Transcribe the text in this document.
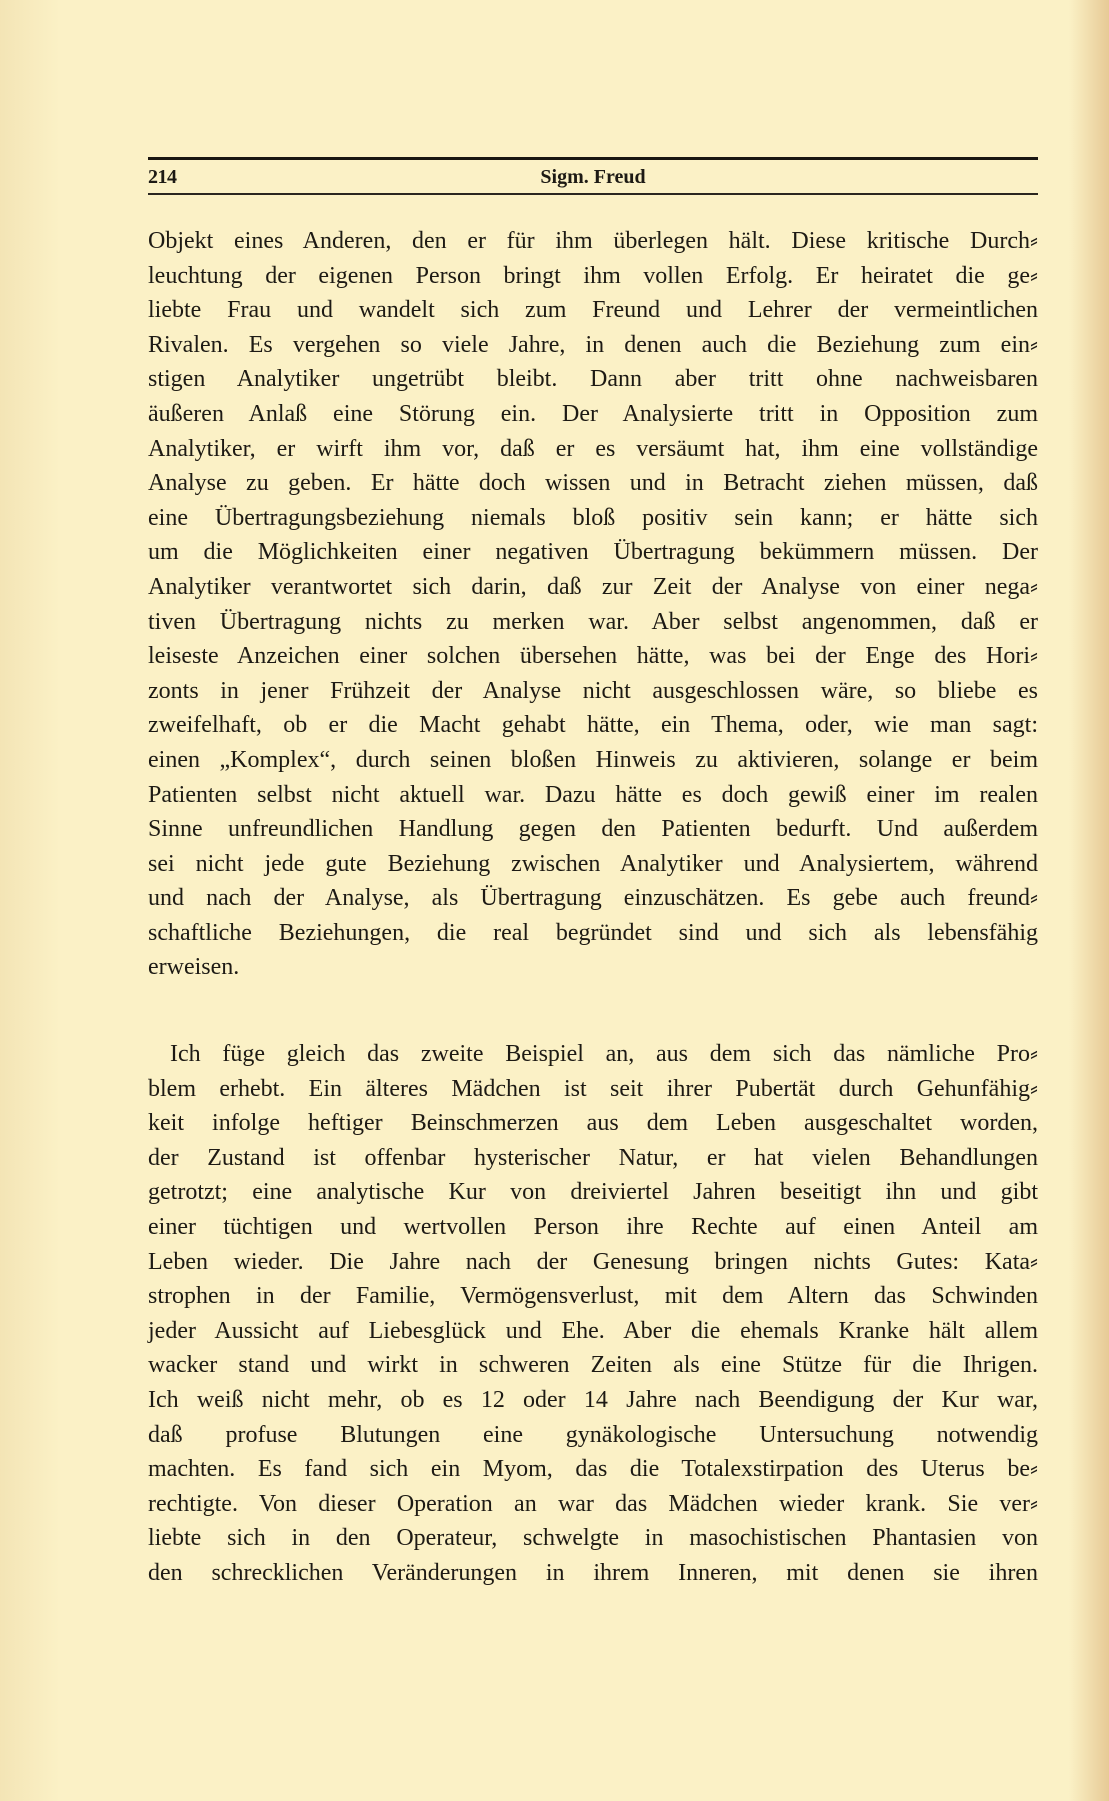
214	Sigm. Freud
Objekt eines Anderen, den er für ihm überlegen hält. Diese kritische Durch⸗
leuchtung der eigenen Person bringt ihm vollen Erfolg. Er heiratet die ge⸗
liebte Frau und wandelt sich zum Freund und Lehrer der vermeintlichen
Rivalen. Es vergehen so viele Jahre, in denen auch die Beziehung zum ein⸗
stigen Analytiker ungetrübt bleibt. Dann aber tritt ohne nachweisbaren
äußeren Anlaß eine Störung ein. Der Analysierte tritt in Opposition zum
Analytiker, er wirft ihm vor, daß er es versäumt hat, ihm eine vollständige
Analyse zu geben. Er hätte doch wissen und in Betracht ziehen müssen, daß
eine Übertragungsbeziehung niemals bloß positiv sein kann; er hätte sich
um die Möglichkeiten einer negativen Übertragung bekümmern müssen. Der
Analytiker verantwortet sich darin, daß zur Zeit der Analyse von einer nega⸗
tiven Übertragung nichts zu merken war. Aber selbst angenommen, daß er
leiseste Anzeichen einer solchen übersehen hätte, was bei der Enge des Hori⸗
zonts in jener Frühzeit der Analyse nicht ausgeschlossen wäre, so bliebe es
zweifelhaft, ob er die Macht gehabt hätte, ein Thema, oder, wie man sagt:
einen „Komplex“, durch seinen bloßen Hinweis zu aktivieren, solange er beim
Patienten selbst nicht aktuell war. Dazu hätte es doch gewiß einer im realen
Sinne unfreundlichen Handlung gegen den Patienten bedurft. Und außerdem
sei nicht jede gute Beziehung zwischen Analytiker und Analysiertem, während
und nach der Analyse, als Übertragung einzuschätzen. Es gebe auch freund⸗
schaftliche Beziehungen, die real begründet sind und sich als lebensfähig
erweisen.
Ich füge gleich das zweite Beispiel an, aus dem sich das nämliche Pro⸗
blem erhebt. Ein älteres Mädchen ist seit ihrer Pubertät durch Gehunfähig⸗
keit infolge heftiger Beinschmerzen aus dem Leben ausgeschaltet worden,
der Zustand ist offenbar hysterischer Natur, er hat vielen Behandlungen
getrotzt; eine analytische Kur von dreiviertel Jahren beseitigt ihn und gibt
einer tüchtigen und wertvollen Person ihre Rechte auf einen Anteil am
Leben wieder. Die Jahre nach der Genesung bringen nichts Gutes: Kata⸗
strophen in der Familie, Vermögensverlust, mit dem Altern das Schwinden
jeder Aussicht auf Liebesglück und Ehe. Aber die ehemals Kranke hält allem
wacker stand und wirkt in schweren Zeiten als eine Stütze für die Ihrigen.
Ich weiß nicht mehr, ob es 12 oder 14 Jahre nach Beendigung der Kur war,
daß profuse Blutungen eine gynäkologische Untersuchung notwendig
machten. Es fand sich ein Myom, das die Totalexstirpation des Uterus be⸗
rechtigte. Von dieser Operation an war das Mädchen wieder krank. Sie ver⸗
liebte sich in den Operateur, schwelgte in masochistischen Phantasien von
den schrecklichen Veränderungen in ihrem Inneren, mit denen sie ihren
